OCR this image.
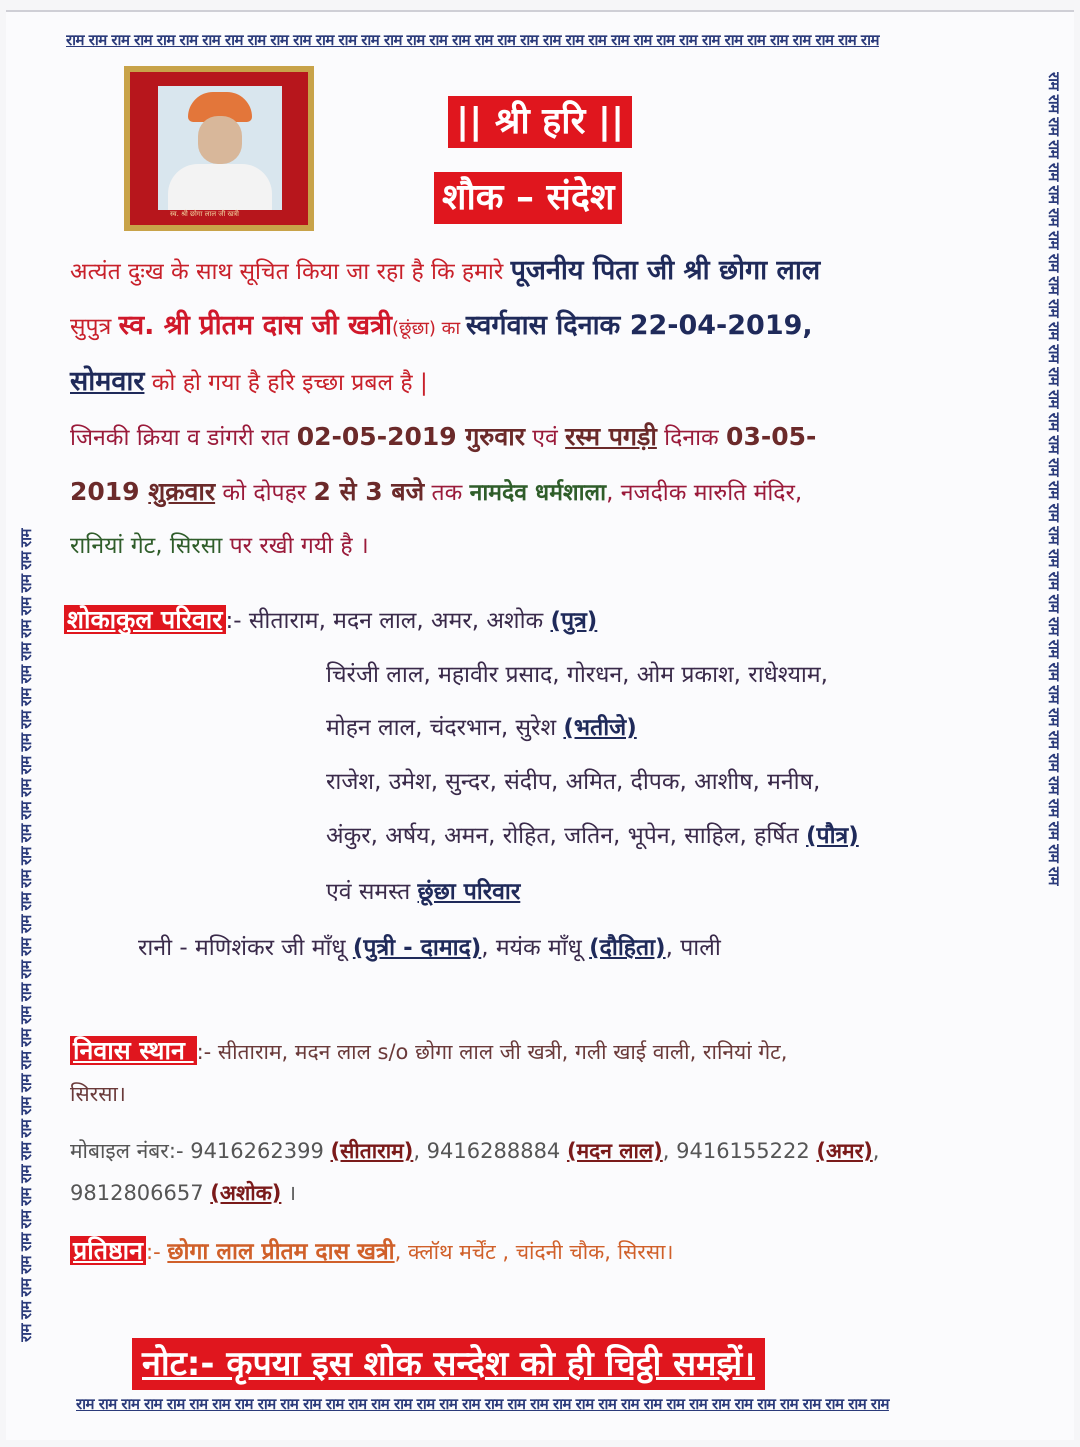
राम राम राम राम राम राम राम राम राम राम राम राम राम राम राम राम राम राम राम राम राम राम राम राम राम राम राम राम राम राम राम राम राम राम राम राम
राम राम राम राम राम राम राम राम राम राम राम राम राम राम राम राम राम राम राम राम राम राम राम राम राम राम राम राम राम राम राम राम राम राम राम राम
राम राम राम राम राम राम राम राम राम राम राम राम राम राम राम राम राम राम राम राम राम राम राम राम राम राम राम राम राम राम राम राम राम राम राम राम
राम राम राम राम राम राम राम राम राम राम राम राम राम राम राम राम राम राम राम राम राम राम राम राम राम राम राम राम राम राम राम राम राम राम राम राम
स्व. श्री छोगा लाल जी खत्री
|| श्री हरि ||
शौक – संदेश
अत्यंत दुःख के साथ सूचित किया जा रहा है कि हमारे पूजनीय पिता जी श्री छोगा लाल
सुपुत्र स्व. श्री प्रीतम दास जी खत्री(छूंछा) का स्वर्गवास दिनाक 22-04-2019,
सोमवार को हो गया है हरि इच्छा प्रबल है |
जिनकी क्रिया व डांगरी रात 02-05-2019 गुरुवार एवं रस्म पगड़ी दिनाक 03-05-
2019 शुक्रवार को दोपहर 2 से 3 बजे तक नामदेव धर्मशाला, नजदीक मारुति मंदिर,
रानियां गेट, सिरसा पर रखी गयी है ।
शोकाकुल परिवार :- सीताराम, मदन लाल, अमर, अशोक (पुत्र)
चिरंजी लाल, महावीर प्रसाद, गोरधन, ओम प्रकाश, राधेश्याम,
मोहन लाल, चंदरभान, सुरेश (भतीजे)
राजेश, उमेश, सुन्दर, संदीप, अमित, दीपक, आशीष, मनीष,
अंकुर, अर्षय, अमन, रोहित, जतिन, भूपेन, साहिल, हर्षित (पौत्र)
एवं समस्त छूंछा परिवार
रानी - मणिशंकर जी माँधू (पुत्री - दामाद), मयंक माँधू (दौहिता), पाली
निवास स्थान :- सीताराम, मदन लाल s/o छोगा लाल जी खत्री, गली खाई वाली, रानियां गेट,
सिरसा।
मोबाइल नंबर:- 9416262399 (सीताराम), 9416288884 (मदन लाल), 9416155222 (अमर),
9812806657 (अशोक) ।
प्रतिष्ठान :- छोगा लाल प्रीतम दास खत्री, क्लॉथ मर्चेंट , चांदनी चौक, सिरसा।
नोट:- कृपया इस शोक सन्देश को ही चिट्ठी समझें।
